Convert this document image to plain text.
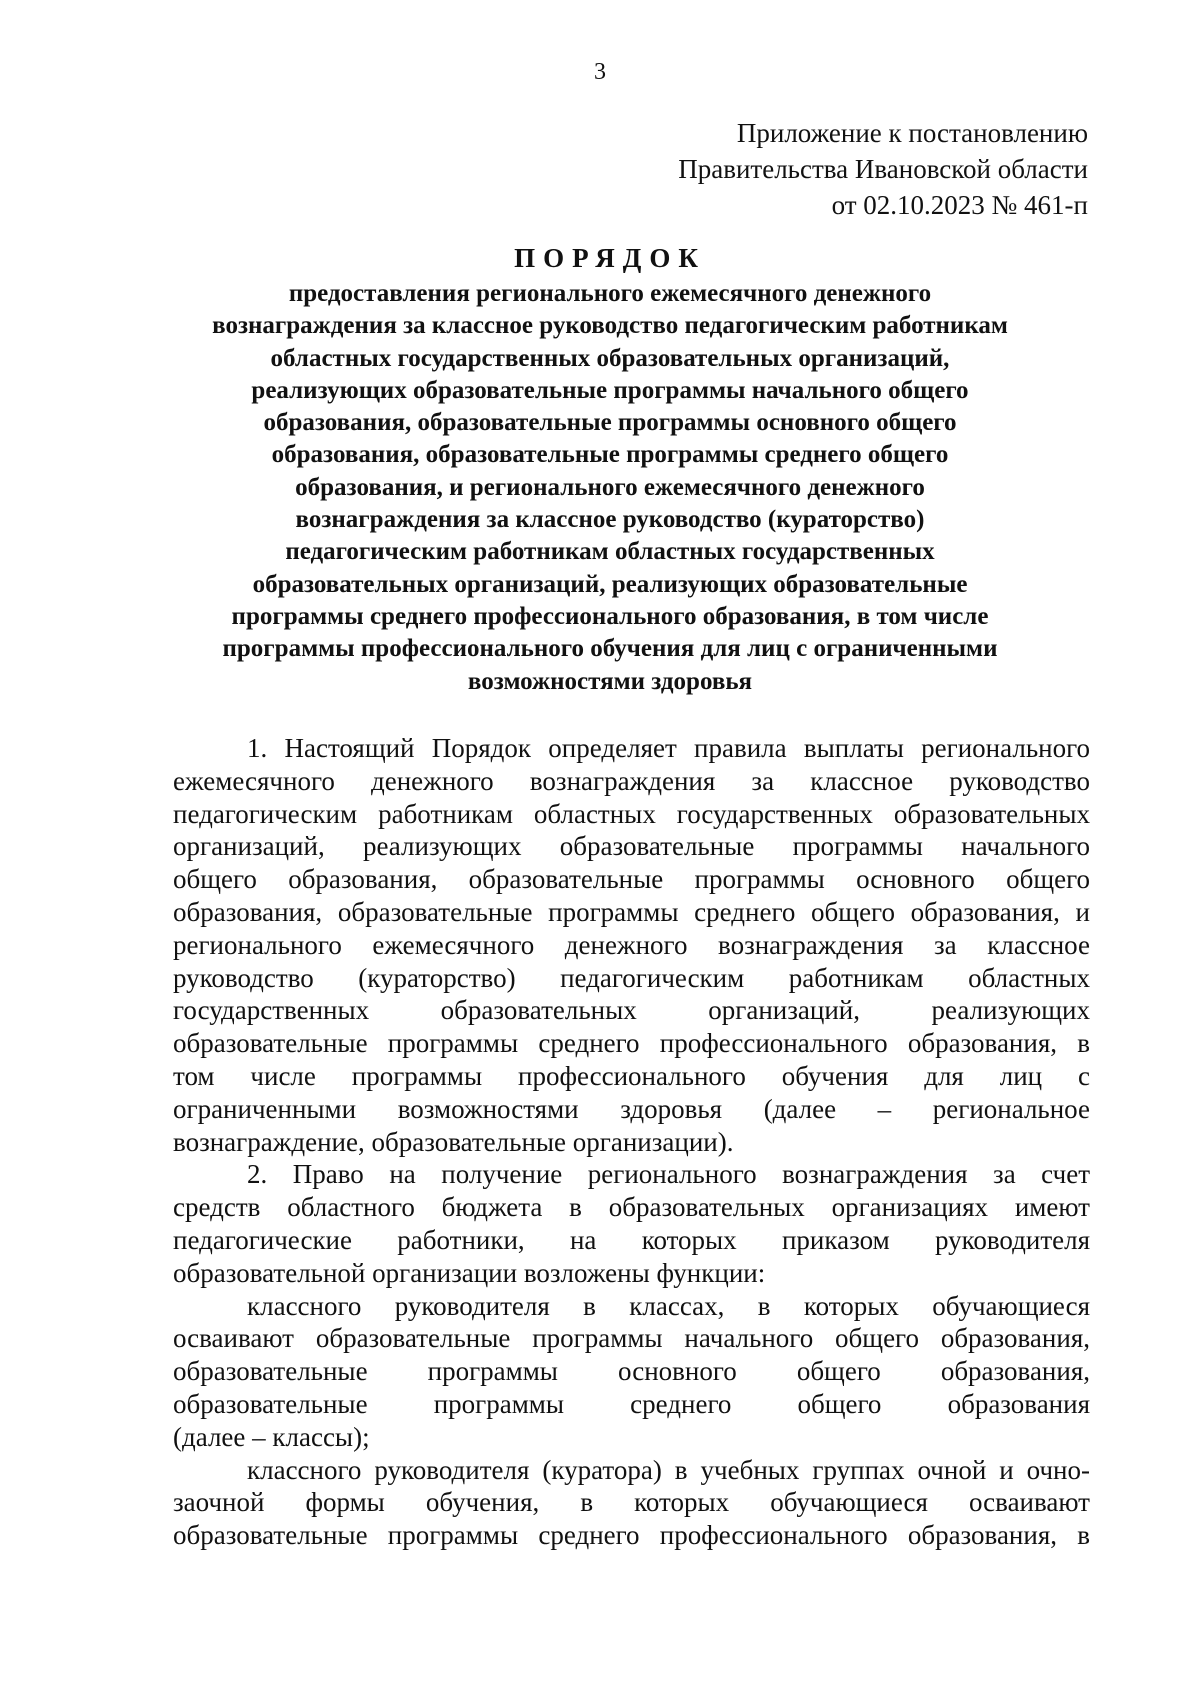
3
Приложение к постановлению
Правительства Ивановской области
от 02.10.2023 № 461-п
ПОРЯДОК
предоставления регионального ежемесячного денежного
вознаграждения за классное руководство педагогическим работникам
областных государственных образовательных организаций,
реализующих образовательные программы начального общего
образования, образовательные программы основного общего
образования, образовательные программы среднего общего
образования, и регионального ежемесячного денежного
вознаграждения за классное руководство (кураторство)
педагогическим работникам областных государственных
образовательных организаций, реализующих образовательные
программы среднего профессионального образования, в том числе
программы профессионального обучения для лиц с ограниченными
возможностями здоровья
1. Настоящий Порядок определяет правила выплаты регионального
ежемесячного денежного вознаграждения за классное руководство
педагогическим работникам областных государственных образовательных
организаций, реализующих образовательные программы начального
общего образования, образовательные программы основного общего
образования, образовательные программы среднего общего образования, и
регионального ежемесячного денежного вознаграждения за классное
руководство (кураторство) педагогическим работникам областных
государственных образовательных организаций, реализующих
образовательные программы среднего профессионального образования, в
том числе программы профессионального обучения для лиц с
ограниченными возможностями здоровья (далее – региональное
вознаграждение, образовательные организации).
2. Право на получение регионального вознаграждения за счет
средств областного бюджета в образовательных организациях имеют
педагогические работники, на которых приказом руководителя
образовательной организации возложены функции:
классного руководителя в классах, в которых обучающиеся
осваивают образовательные программы начального общего образования,
образовательные программы основного общего образования,
образовательные программы среднего общего образования
(далее – классы);
классного руководителя (куратора) в учебных группах очной и очно-
заочной формы обучения, в которых обучающиеся осваивают
образовательные программы среднего профессионального образования, в
